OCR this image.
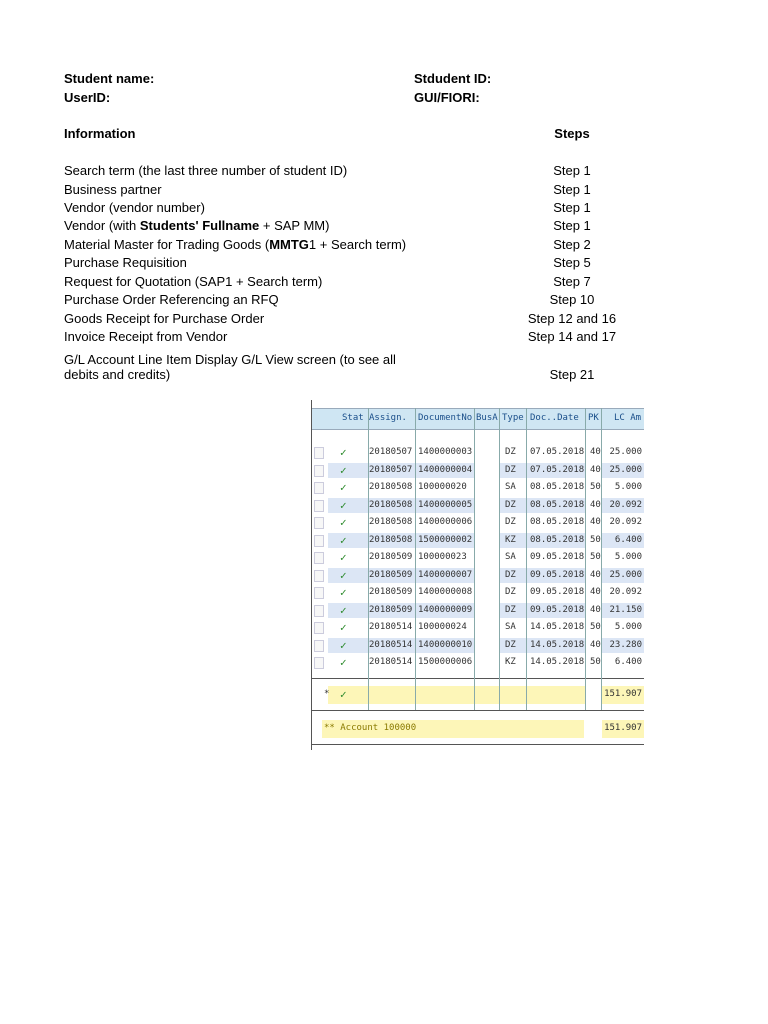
Student name:	Stdudent ID:
UserID:	GUI/FIORI:
Information	Steps
Search term (the last three number of student ID)	Step 1
Business partner	Step 1
Vendor (vendor number)	Step 1
Vendor (with Students' Fullname + SAP MM)	Step 1
Material Master for Trading Goods (MMTG1 + Search term)	Step 2
Purchase Requisition	Step 5
Request for Quotation (SAP1 + Search term)	Step 7
Purchase Order Referencing an RFQ	Step 10
Goods Receipt for Purchase Order	Step 12 and 16
Invoice Receipt from Vendor	Step 14 and 17
G/L Account Line Item Display G/L View screen (to see all
debits and credits)	Step 21
Stat Assign. DocumentNo BusA Type Doc..Date PK LC Am
✓ 20180507 1400000003	DZ 07.05.2018 40 25.000
✓ 20180507 1400000004	DZ 07.05.2018 40 25.000
✓ 20180508 100000020	SA 08.05.2018 50 5.000
✓ 20180508 1400000005	DZ 08.05.2018 40 20.092
✓ 20180508 1400000006	DZ 08.05.2018 40 20.092
✓ 20180508 1500000002	KZ 08.05.2018 50 6.400
✓ 20180509 100000023	SA 09.05.2018 50 5.000
✓ 20180509 1400000007	DZ 09.05.2018 40 25.000
✓ 20180509 1400000008	DZ 09.05.2018 40 20.092
✓ 20180509 1400000009	DZ 09.05.2018 40 21.150
✓ 20180514 100000024	SA 14.05.2018 50 5.000
✓ 20180514 1400000010	DZ 14.05.2018 40 23.280
✓ 20180514 1500000006	KZ 14.05.2018 50 6.400
* ✓	151.907
** Account 100000	151.907
